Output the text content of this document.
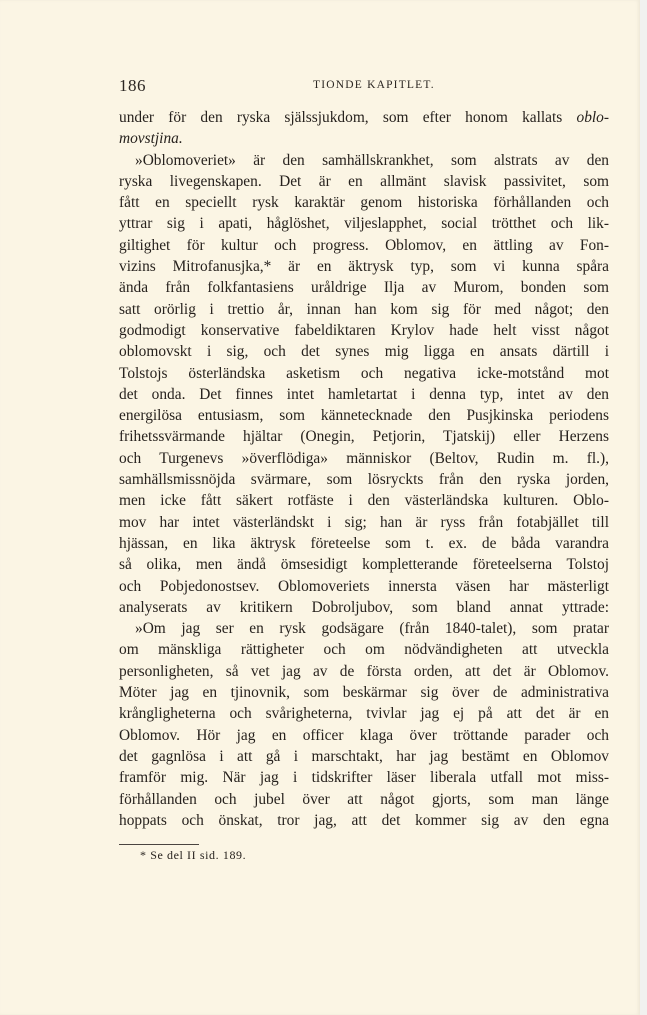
186	TIONDE KAPITLET.
under för den ryska själssjukdom, som efter honom kallats oblo-
movstjina.
»Oblomoveriet» är den samhällskrankhet, som alstrats av den
ryska livegenskapen. Det är en allmänt slavisk passivitet, som
fått en speciellt rysk karaktär genom historiska förhållanden och
yttrar sig i apati, håglöshet, viljeslapphet, social trötthet och lik-
giltighet för kultur och progress. Oblomov, en ättling av Fon-
vizins Mitrofanusjka,* är en äktrysk typ, som vi kunna spåra
ända från folkfantasiens uråldrige Ilja av Murom, bonden som
satt orörlig i trettio år, innan han kom sig för med något; den
godmodigt konservative fabeldiktaren Krylov hade helt visst något
oblomovskt i sig, och det synes mig ligga en ansats därtill i
Tolstojs österländska asketism och negativa icke-motstånd mot
det onda. Det finnes intet hamletartat i denna typ, intet av den
energilösa entusiasm, som kännetecknade den Pusjkinska periodens
frihetssvärmande hjältar (Onegin, Petjorin, Tjatskij) eller Herzens
och Turgenevs »överflödiga» människor (Beltov, Rudin m. fl.),
samhällsmissnöjda svärmare, som lösryckts från den ryska jorden,
men icke fått säkert rotfäste i den västerländska kulturen. Oblo-
mov har intet västerländskt i sig; han är ryss från fotabjället till
hjässan, en lika äktrysk företeelse som t. ex. de båda varandra
så olika, men ändå ömsesidigt kompletterande företeelserna Tolstoj
och Pobjedonostsev. Oblomoveriets innersta väsen har mästerligt
analyserats av kritikern Dobroljubov, som bland annat yttrade:
»Om jag ser en rysk godsägare (från 1840-talet), som pratar
om mänskliga rättigheter och om nödvändigheten att utveckla
personligheten, så vet jag av de första orden, att det är Oblomov.
Möter jag en tjinovnik, som beskärmar sig över de administrativa
krångligheterna och svårigheterna, tvivlar jag ej på att det är en
Oblomov. Hör jag en officer klaga över tröttande parader och
det gagnlösa i att gå i marschtakt, har jag bestämt en Oblomov
framför mig. När jag i tidskrifter läser liberala utfall mot miss-
förhållanden och jubel över att något gjorts, som man länge
hoppats och önskat, tror jag, att det kommer sig av den egna
* Se del II sid. 189.
